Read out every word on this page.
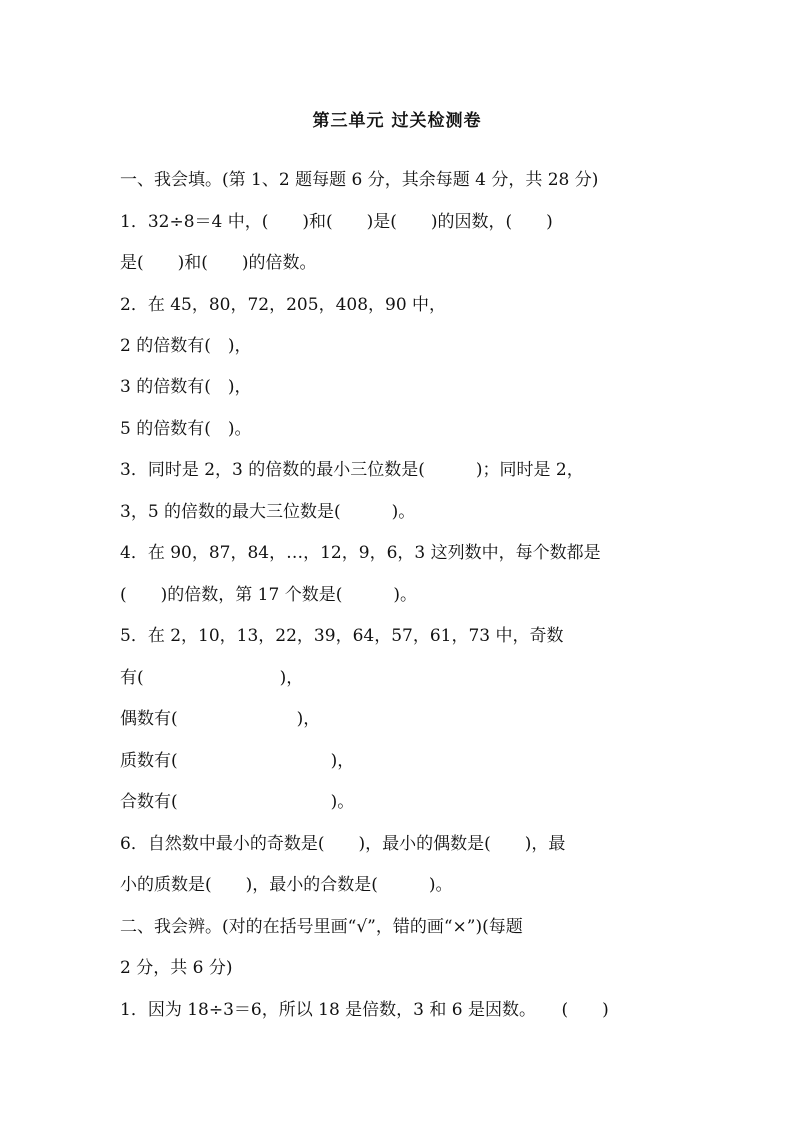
第三单元 过关检测卷
一、我会填。(第 1、2 题每题 6 分，其余每题 4 分，共 28 分)
1．32÷8＝4 中，(　　)和(　　)是(　　)的因数，(　　)
是(　　)和(　　)的倍数。
2．在 45，80，72，205，408，90 中，
2 的倍数有(　)，
3 的倍数有(　)，
5 的倍数有(　)。
3．同时是 2，3 的倍数的最小三位数是(　　　)；同时是 2，
3，5 的倍数的最大三位数是(　　　)。
4．在 90，87，84，…，12，9，6，3 这列数中，每个数都是
(　　)的倍数，第 17 个数是(　　　)。
5．在 2，10，13，22，39，64，57，61，73 中，奇数
有(　　　　　　　　)，
偶数有(　　　　　　　)，
质数有(　　　　　　　　　)，
合数有(　　　　　　　　　)。
6．自然数中最小的奇数是(　　)，最小的偶数是(　　)，最
小的质数是(　　)，最小的合数是(　　　)。
二、我会辨。(对的在括号里画“√”，错的画“×”)(每题
2 分，共 6 分)
1．因为 18÷3＝6，所以 18 是倍数，3 和 6 是因数。　　(　　)
